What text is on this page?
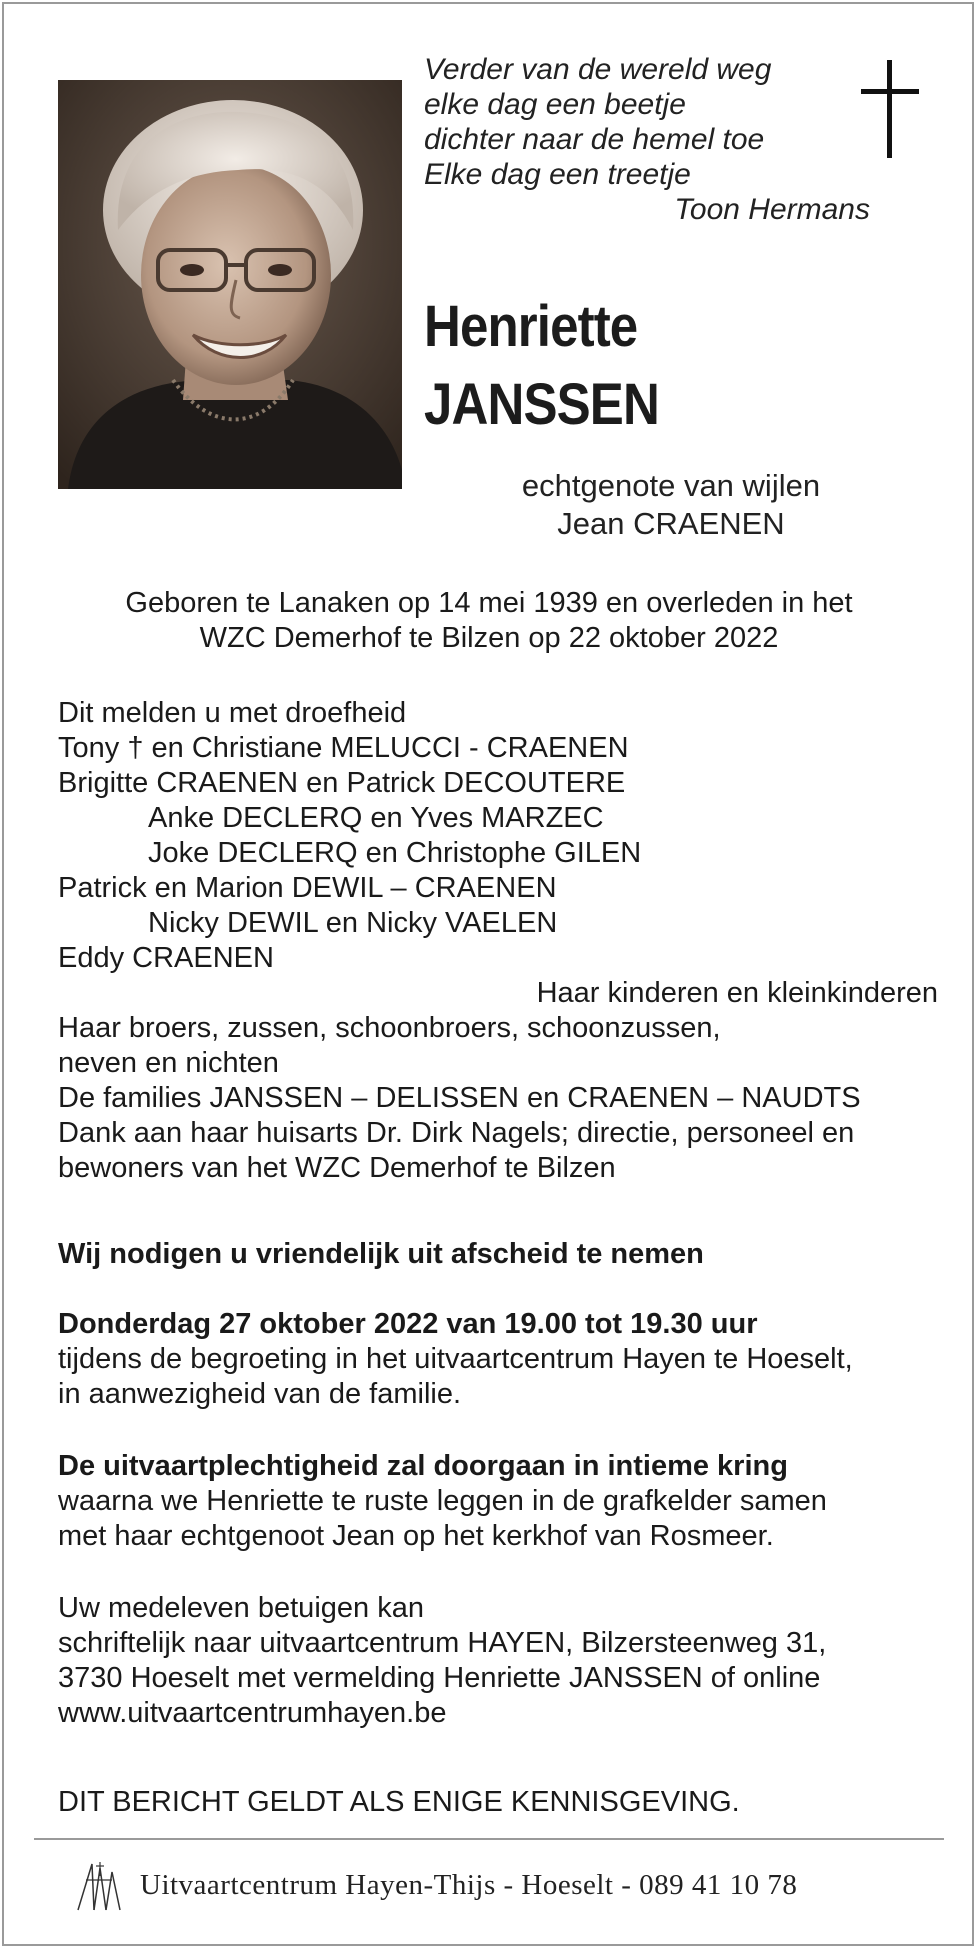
Verder van de wereld weg
elke dag een beetje
dichter naar de hemel toe
Elke dag een treetje
Toon Hermans
Henriette
JANSSEN
echtgenote van wijlen
Jean CRAENEN
Geboren te Lanaken op 14 mei 1939 en overleden in het
WZC Demerhof te Bilzen op 22 oktober 2022
Dit melden u met droefheid
Tony † en Christiane MELUCCI - CRAENEN
Brigitte CRAENEN en Patrick DECOUTERE
Anke DECLERQ en Yves MARZEC
Joke DECLERQ en Christophe GILEN
Patrick en Marion DEWIL – CRAENEN
Nicky DEWIL en Nicky VAELEN
Eddy CRAENEN
Haar kinderen en kleinkinderen
Haar broers, zussen, schoonbroers, schoonzussen,
neven en nichten
De families JANSSEN – DELISSEN en CRAENEN – NAUDTS
Dank aan haar huisarts Dr. Dirk Nagels; directie, personeel en
bewoners van het WZC Demerhof te Bilzen
Wij nodigen u vriendelijk uit afscheid te nemen
Donderdag 27 oktober 2022 van 19.00 tot 19.30 uur
tijdens de begroeting in het uitvaartcentrum Hayen te Hoeselt,
in aanwezigheid van de familie.
De uitvaartplechtigheid zal doorgaan in intieme kring
waarna we Henriette te ruste leggen in de grafkelder samen
met haar echtgenoot Jean op het kerkhof van Rosmeer.
Uw medeleven betuigen kan
schriftelijk naar uitvaartcentrum HAYEN, Bilzersteenweg 31,
3730 Hoeselt met vermelding Henriette JANSSEN of online
www.uitvaartcentrumhayen.be
DIT BERICHT GELDT ALS ENIGE KENNISGEVING.
Uitvaartcentrum Hayen-Thijs - Hoeselt - 089 41 10 78
